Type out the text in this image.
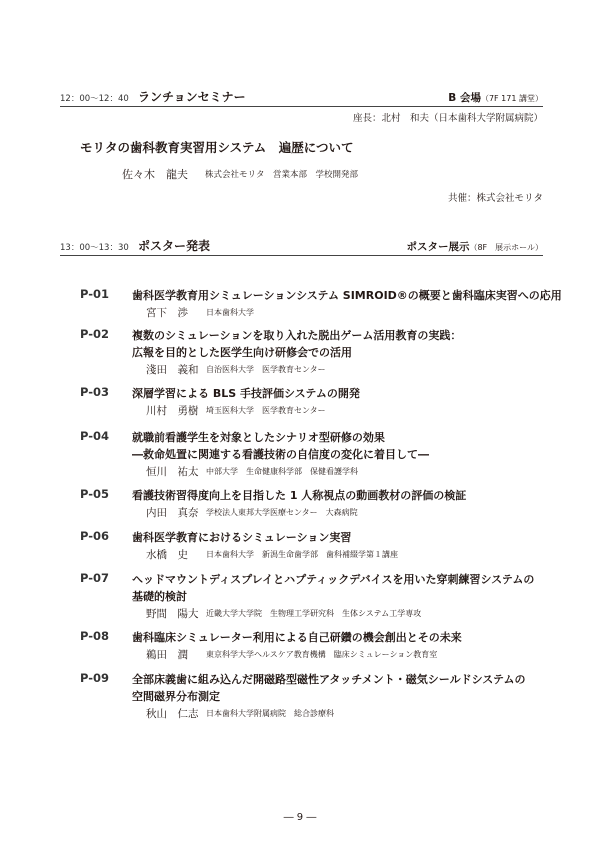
12：00～12：40 ランチョンセミナー	B 会場（7F 171 講堂）
座長：北村　和夫（日本歯科大学附属病院）
モリタの歯科教育実習用システム　遍歴について
佐々木　龍夫 株式会社モリタ　営業本部　学校開発部
共催：株式会社モリタ
13：00～13：30 ポスター発表	ポスター展示（8F　展示ホール）
P-01 歯科医学教育用シミュレーションシステム SIMROID®の概要と歯科臨床実習への応用
宮下　渉 日本歯科大学
P-02 複数のシミュレーションを取り入れた脱出ゲーム活用教育の実践：
広報を目的とした医学生向け研修会での活用
淺田　義和 自治医科大学　医学教育センター
P-03 深層学習による BLS 手技評価システムの開発
川村　勇樹 埼玉医科大学　医学教育センター
P-04 就職前看護学生を対象としたシナリオ型研修の効果
―救命処置に関連する看護技術の自信度の変化に着目して―
恒川　祐太 中部大学　生命健康科学部　保健看護学科
P-05 看護技術習得度向上を目指した 1 人称視点の動画教材の評価の検証
内田　真奈 学校法人東邦大学医療センター　大森病院
P-06 歯科医学教育におけるシミュレーション実習
水橋　史 日本歯科大学　新潟生命歯学部　歯科補綴学第１講座
P-07 ヘッドマウントディスプレイとハプティックデバイスを用いた穿刺練習システムの
基礎的検討
野間　陽大 近畿大学大学院　生物理工学研究科　生体システム工学専攻
P-08 歯科臨床シミュレーター利用による自己研鑽の機会創出とその未来
鵜田　潤 東京科学大学ヘルスケア教育機構　臨床シミュレーション教育室
P-09 全部床義歯に組み込んだ開磁路型磁性アタッチメント・磁気シールドシステムの
空間磁界分布測定
秋山　仁志 日本歯科大学附属病院　総合診療科
― 9 ―
